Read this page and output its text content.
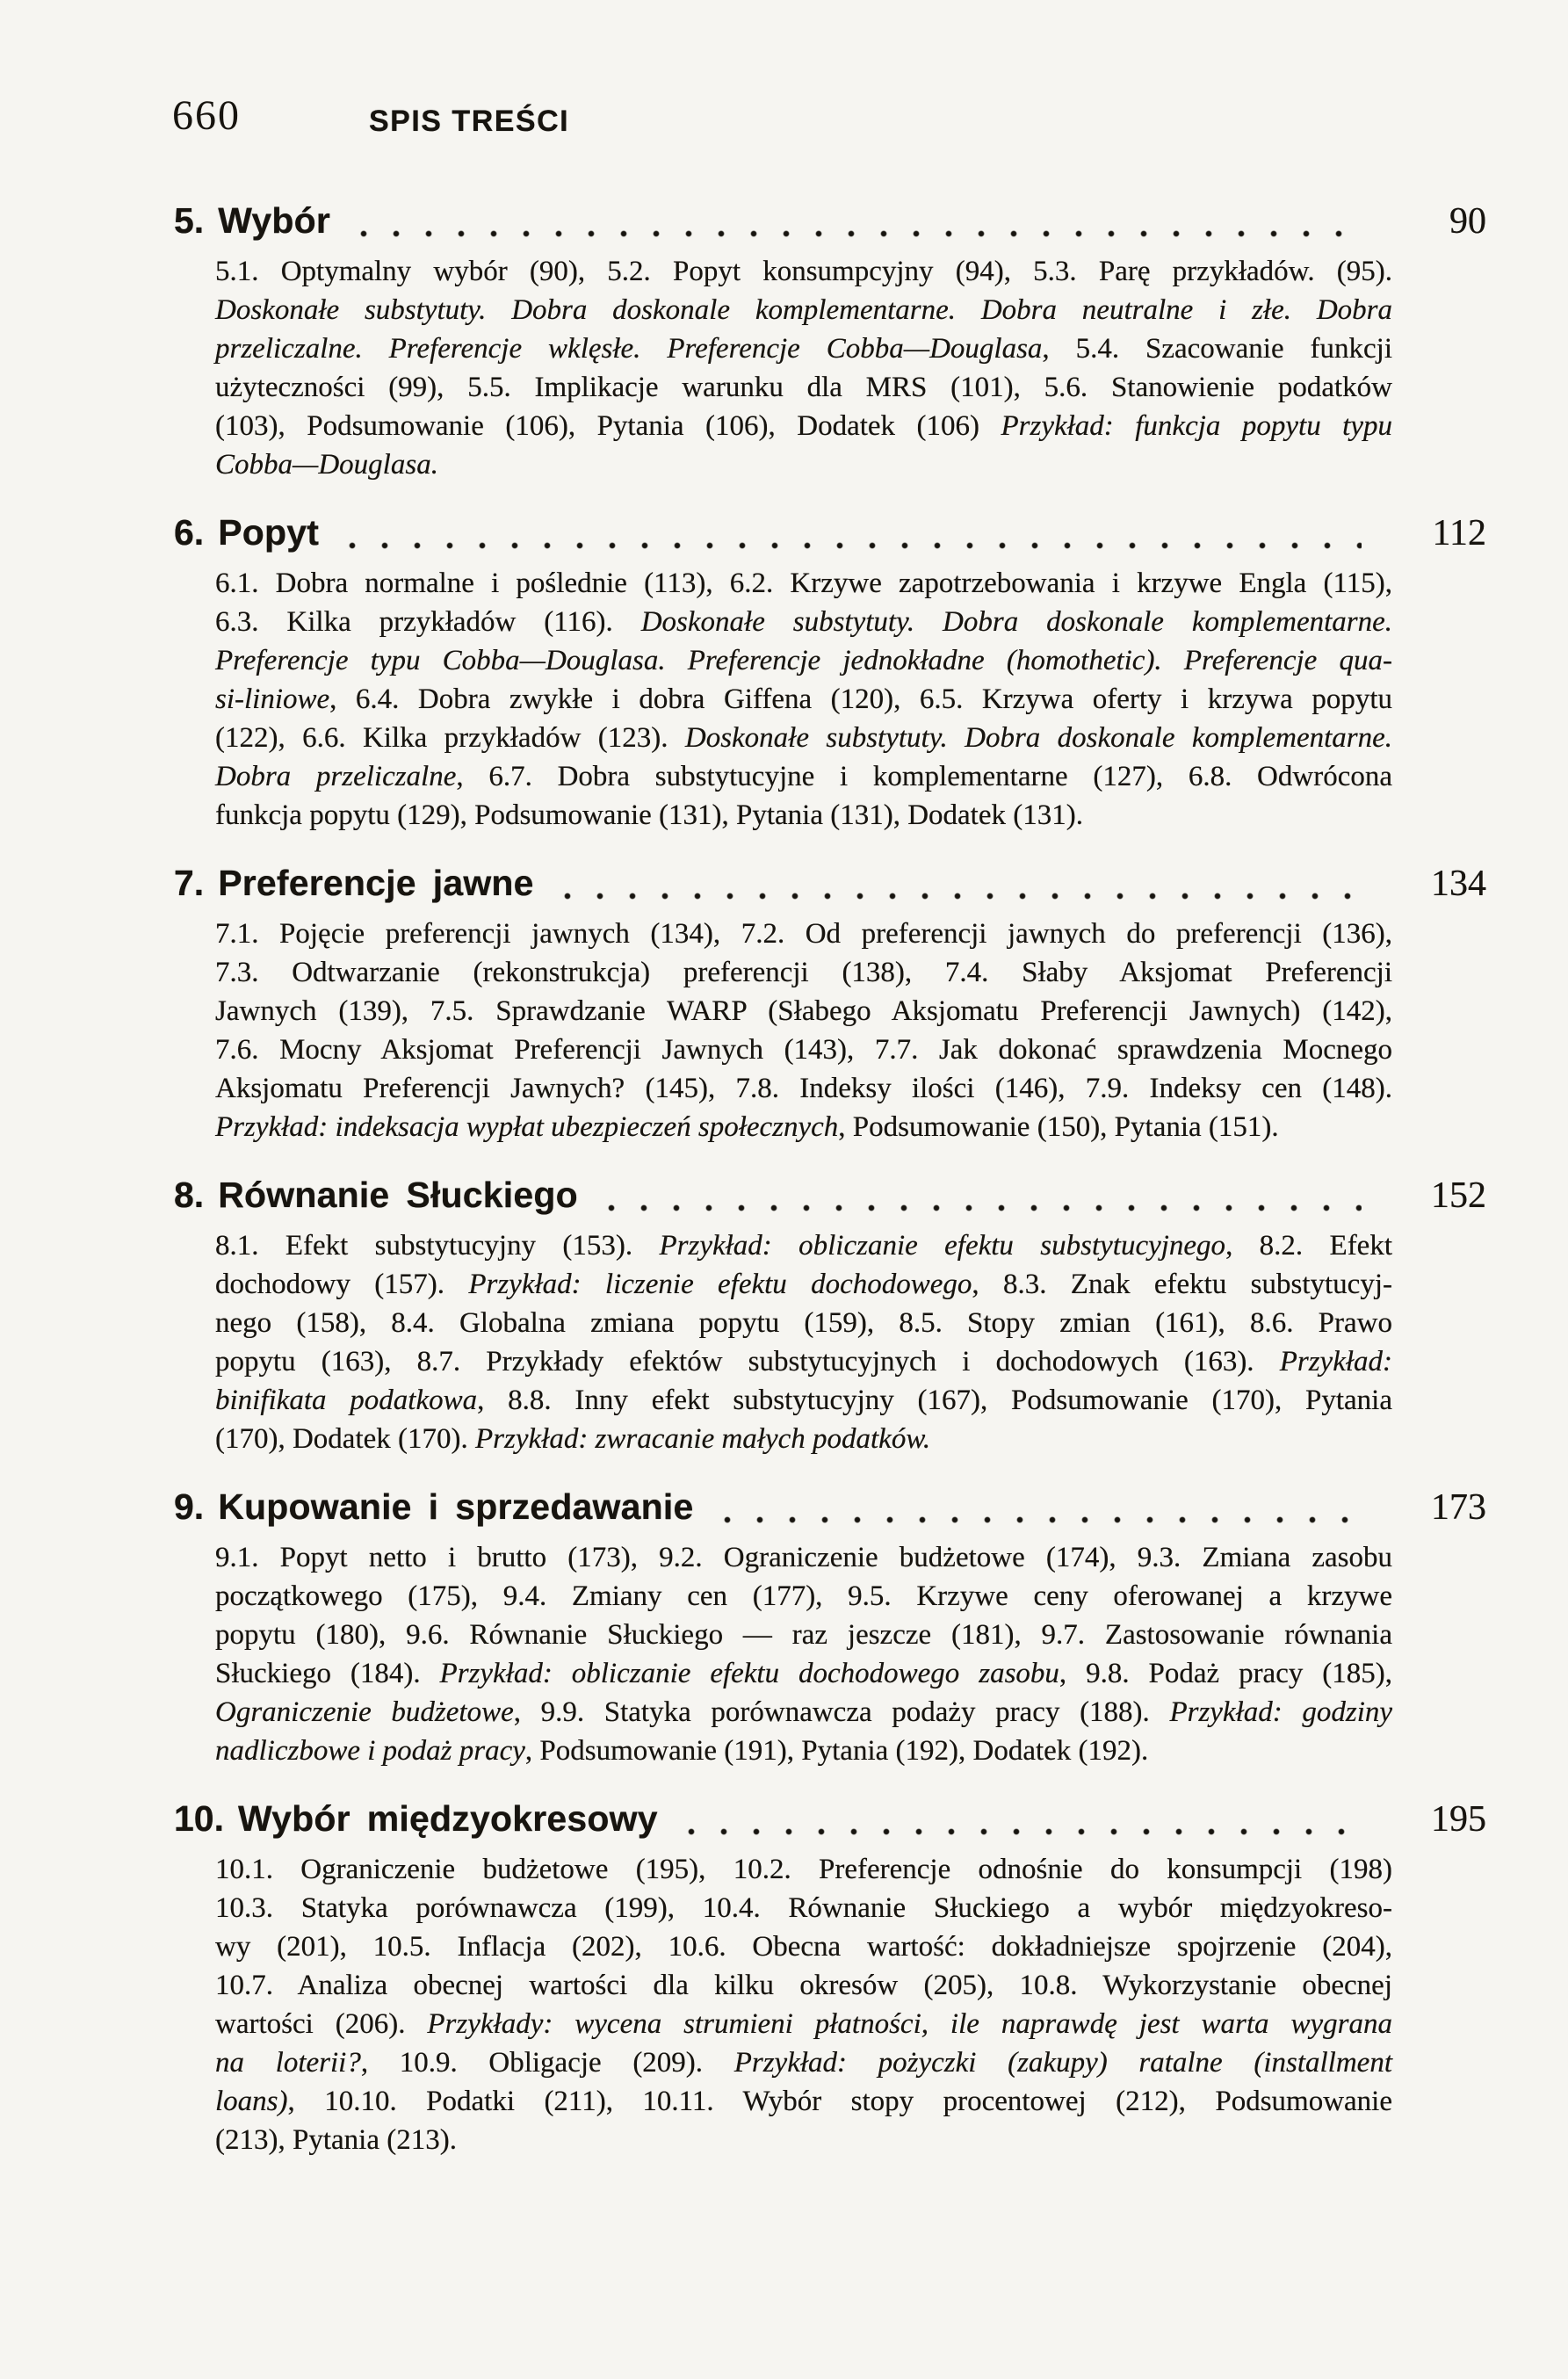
660	SPIS TREŚCI
5. Wybór	90
5.1. Optymalny wybór (90), 5.2. Popyt konsumpcyjny (94), 5.3. Parę przykładów. (95).
Doskonałe substytuty. Dobra doskonale komplementarne. Dobra neutralne i złe. Dobra
przeliczalne. Preferencje wklęsłe. Preferencje Cobba—Douglasa, 5.4. Szacowanie funkcji
użyteczności (99), 5.5. Implikacje warunku dla MRS (101), 5.6. Stanowienie podatków
(103), Podsumowanie (106), Pytania (106), Dodatek (106) Przykład: funkcja popytu typu
Cobba—Douglasa.
6. Popyt	112
6.1. Dobra normalne i poślednie (113), 6.2. Krzywe zapotrzebowania i krzywe Engla (115),
6.3. Kilka przykładów (116). Doskonałe substytuty. Dobra doskonale komplementarne.
Preferencje typu Cobba—Douglasa. Preferencje jednokładne (homothetic). Preferencje qua-
si-liniowe, 6.4. Dobra zwykłe i dobra Giffena (120), 6.5. Krzywa oferty i krzywa popytu
(122), 6.6. Kilka przykładów (123). Doskonałe substytuty. Dobra doskonale komplementarne.
Dobra przeliczalne, 6.7. Dobra substytucyjne i komplementarne (127), 6.8. Odwrócona
funkcja popytu (129), Podsumowanie (131), Pytania (131), Dodatek (131).
7. Preferencje jawne	134
7.1. Pojęcie preferencji jawnych (134), 7.2. Od preferencji jawnych do preferencji (136),
7.3. Odtwarzanie (rekonstrukcja) preferencji (138), 7.4. Słaby Aksjomat Preferencji
Jawnych (139), 7.5. Sprawdzanie WARP (Słabego Aksjomatu Preferencji Jawnych) (142),
7.6. Mocny Aksjomat Preferencji Jawnych (143), 7.7. Jak dokonać sprawdzenia Mocnego
Aksjomatu Preferencji Jawnych? (145), 7.8. Indeksy ilości (146), 7.9. Indeksy cen (148).
Przykład: indeksacja wypłat ubezpieczeń społecznych, Podsumowanie (150), Pytania (151).
8. Równanie Słuckiego	152
8.1. Efekt substytucyjny (153). Przykład: obliczanie efektu substytucyjnego, 8.2. Efekt
dochodowy (157). Przykład: liczenie efektu dochodowego, 8.3. Znak efektu substytucyj-
nego (158), 8.4. Globalna zmiana popytu (159), 8.5. Stopy zmian (161), 8.6. Prawo
popytu (163), 8.7. Przykłady efektów substytucyjnych i dochodowych (163). Przykład:
binifikata podatkowa, 8.8. Inny efekt substytucyjny (167), Podsumowanie (170), Pytania
(170), Dodatek (170). Przykład: zwracanie małych podatków.
9. Kupowanie i sprzedawanie	173
9.1. Popyt netto i brutto (173), 9.2. Ograniczenie budżetowe (174), 9.3. Zmiana zasobu
początkowego (175), 9.4. Zmiany cen (177), 9.5. Krzywe ceny oferowanej a krzywe
popytu (180), 9.6. Równanie Słuckiego — raz jeszcze (181), 9.7. Zastosowanie równania
Słuckiego (184). Przykład: obliczanie efektu dochodowego zasobu, 9.8. Podaż pracy (185),
Ograniczenie budżetowe, 9.9. Statyka porównawcza podaży pracy (188). Przykład: godziny
nadliczbowe i podaż pracy, Podsumowanie (191), Pytania (192), Dodatek (192).
10. Wybór międzyokresowy	195
10.1. Ograniczenie budżetowe (195), 10.2. Preferencje odnośnie do konsumpcji (198)
10.3. Statyka porównawcza (199), 10.4. Równanie Słuckiego a wybór międzyokreso-
wy (201), 10.5. Inflacja (202), 10.6. Obecna wartość: dokładniejsze spojrzenie (204),
10.7. Analiza obecnej wartości dla kilku okresów (205), 10.8. Wykorzystanie obecnej
wartości (206). Przykłady: wycena strumieni płatności, ile naprawdę jest warta wygrana
na loterii?, 10.9. Obligacje (209). Przykład: pożyczki (zakupy) ratalne (installment
loans), 10.10. Podatki (211), 10.11. Wybór stopy procentowej (212), Podsumowanie
(213), Pytania (213).
